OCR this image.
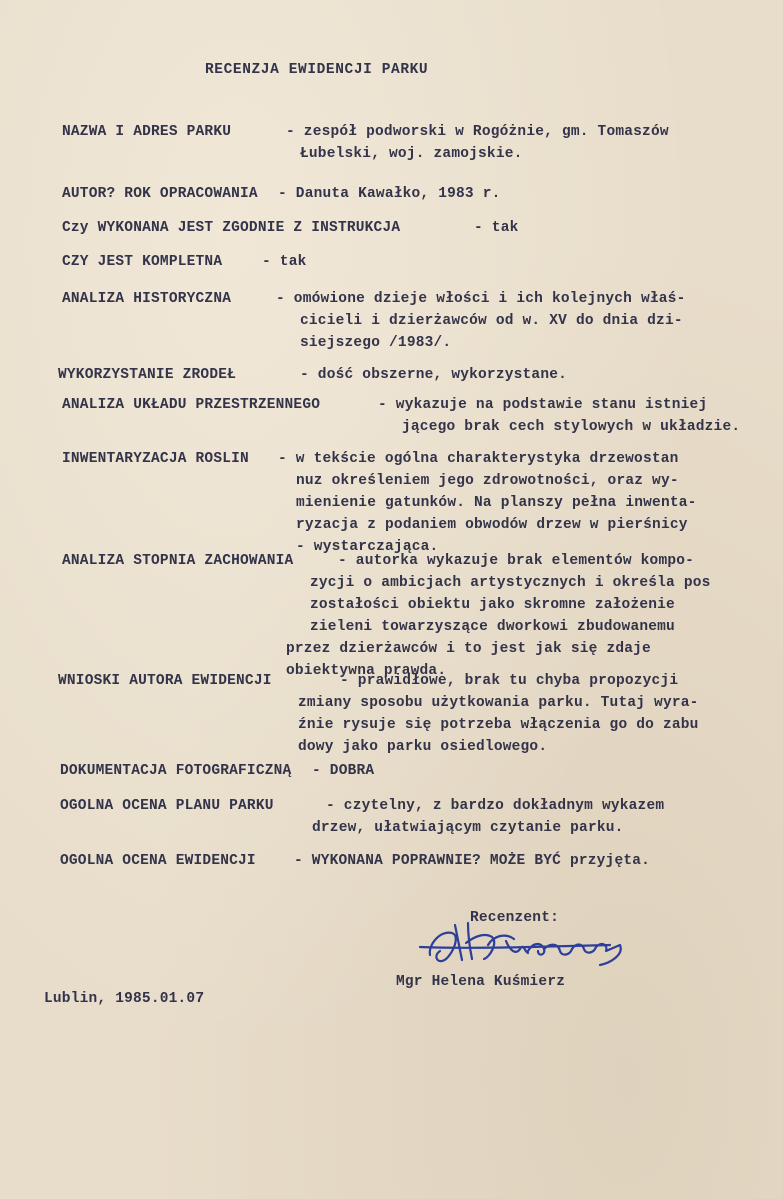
RECENZJA EWIDENCJI PARKU
NAZWA I ADRES PARKU	- zespół podworski w Rogóżnie, gm. Tomaszów
Łubelski, woj. zamojskie.
AUTOR? ROK OPRACOWANIA - Danuta Kawałko, 1983 r.
Czy WYKONANA JEST ZGODNIE Z INSTRUKCJA	- tak
CZY JEST KOMPLETNA	- tak
ANALIZA HISTORYCZNA	- omówione dzieje włości i ich kolejnych właś-
cicieli i dzierżawców od w. XV do dnia dzi-
siejszego /1983/.
WYKORZYSTANIE ZRODEŁ	- dość obszerne, wykorzystane.
ANALIZA UKŁADU PRZESTRZENNEGO	- wykazuje na podstawie stanu istniej
jącego brak cech stylowych w układzie.
INWENTARYZACJA ROSLIN - w tekście ogólna charakterystyka drzewostan
nuz określeniem jego zdrowotności, oraz wy-
mienienie gatunków. Na planszy pełna inwenta-
ryzacja z podaniem obwodów drzew w pierśnicy
- wystarczająca.
ANALIZA STOPNIA ZACHOWANIA	- autorka wykazuje brak elementów kompo-
zycji o ambicjach artystycznych i określa pos
zostałości obiektu jako skromne założenie
zieleni towarzyszące dworkowi zbudowanemu
przez dzierżawców i to jest jak się zdaje
obiektywna prawda.
WNIOSKI AUTORA EWIDENCJI	- prawidłowe, brak tu chyba propozycji
zmiany sposobu użytkowania parku. Tutaj wyra-
źnie rysuje się potrzeba włączenia go do zabu
dowy jako parku osiedlowego.
DOKUMENTACJA FOTOGRAFICZNĄ - DOBRA
OGOLNA OCENA PLANU PARKU	- czytelny, z bardzo dokładnym wykazem
drzew, ułatwiającym czytanie parku.
OGOLNA OCENA EWIDENCJI	- WYKONANA POPRAWNIE? MOŻE BYĆ przyjęta.
Recenzent:
Mgr Helena Kuśmierz
Lublin, 1985.01.07
